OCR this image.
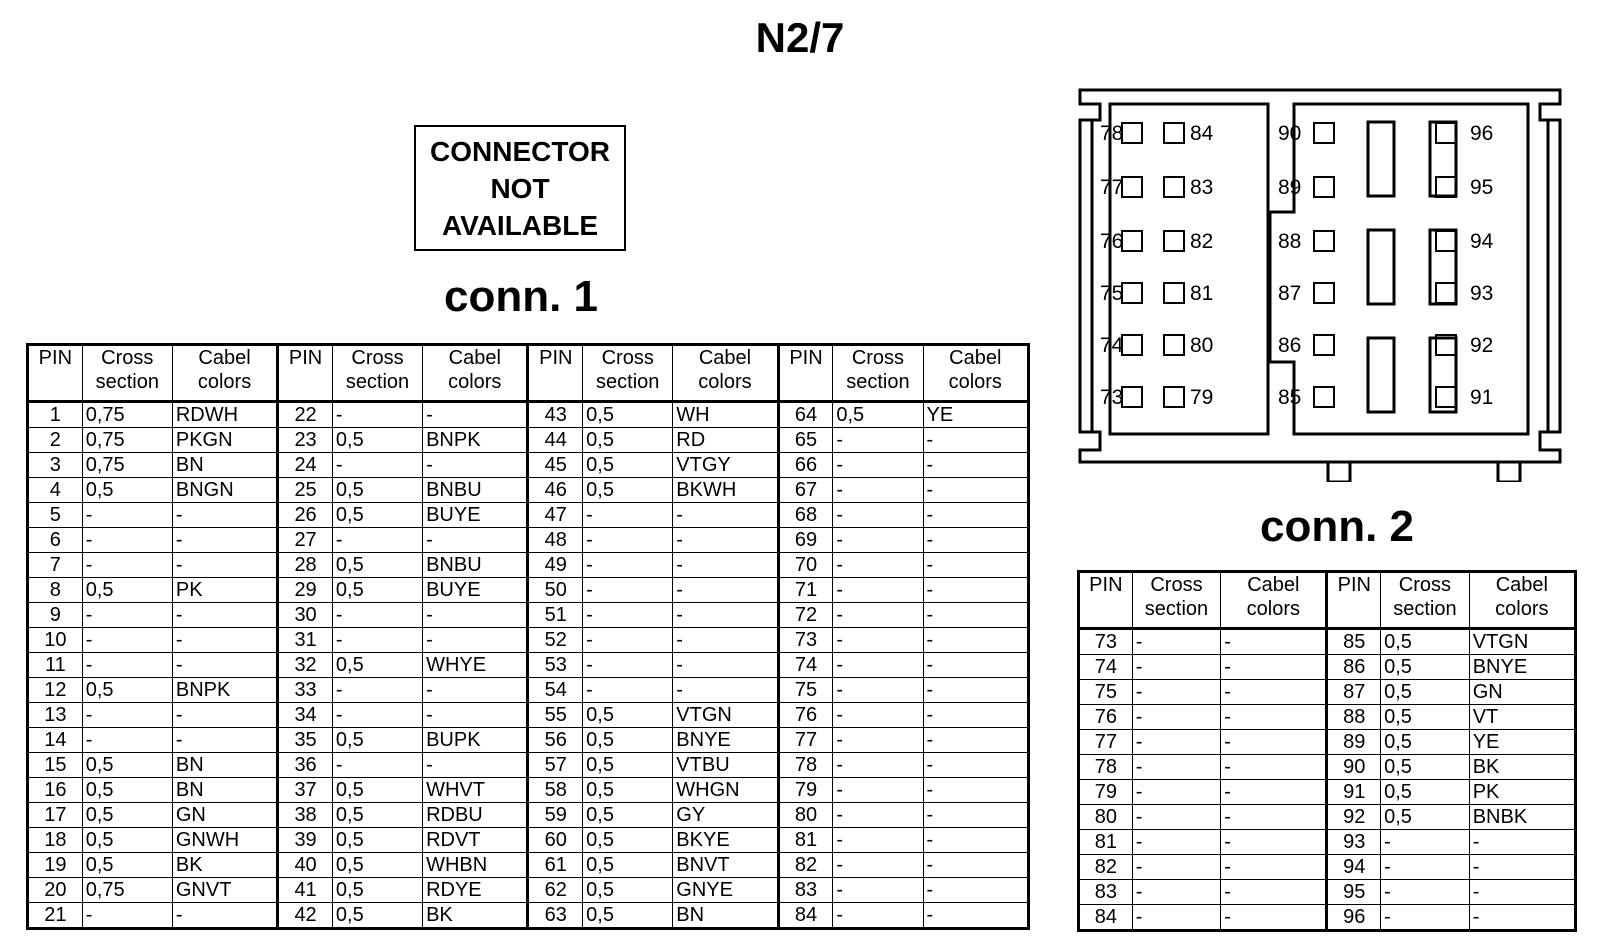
N2/7
CONNECTOR
NOT
AVAILABLE
conn. 1
conn. 2
PIN	Cross section	Cabel colors	PIN	Cross section	Cabel colors	PIN	Cross section	Cabel colors	PIN	Cross section	Cabel colors
1	0,75	RDWH	22	-	-	43	0,5	WH	64	0,5	YE
2	0,75	PKGN	23	0,5	BNPK	44	0,5	RD	65	-	-
3	0,75	BN	24	-	-	45	0,5	VTGY	66	-	-
4	0,5	BNGN	25	0,5	BNBU	46	0,5	BKWH	67	-	-
5	-	-	26	0,5	BUYE	47	-	-	68	-	-
6	-	-	27	-	-	48	-	-	69	-	-
7	-	-	28	0,5	BNBU	49	-	-	70	-	-
8	0,5	PK	29	0,5	BUYE	50	-	-	71	-	-
9	-	-	30	-	-	51	-	-	72	-	-
10	-	-	31	-	-	52	-	-	73	-	-
11	-	-	32	0,5	WHYE	53	-	-	74	-	-
12	0,5	BNPK	33	-	-	54	-	-	75	-	-
13	-	-	34	-	-	55	0,5	VTGN	76	-	-
14	-	-	35	0,5	BUPK	56	0,5	BNYE	77	-	-
15	0,5	BN	36	-	-	57	0,5	VTBU	78	-	-
16	0,5	BN	37	0,5	WHVT	58	0,5	WHGN	79	-	-
17	0,5	GN	38	0,5	RDBU	59	0,5	GY	80	-	-
18	0,5	GNWH	39	0,5	RDVT	60	0,5	BKYE	81	-	-
19	0,5	BK	40	0,5	WHBN	61	0,5	BNVT	82	-	-
20	0,75	GNVT	41	0,5	RDYE	62	0,5	GNYE	83	-	-
21	-	-	42	0,5	BK	63	0,5	BN	84	-	-
PIN	Cross section	Cabel colors	PIN	Cross section	Cabel colors
73	-	-	85	0,5	VTGN
74	-	-	86	0,5	BNYE
75	-	-	87	0,5	GN
76	-	-	88	0,5	VT
77	-	-	89	0,5	YE
78	-	-	90	0,5	BK
79	-	-	91	0,5	PK
80	-	-	92	0,5	BNBK
81	-	-	93	-	-
82	-	-	94	-	-
83	-	-	95	-	-
84	-	-	96	-	-
78
77
76
75
74
73
84
83
82
81
80
79
90
89
88
87
86
85
96
95
94
93
92
91
